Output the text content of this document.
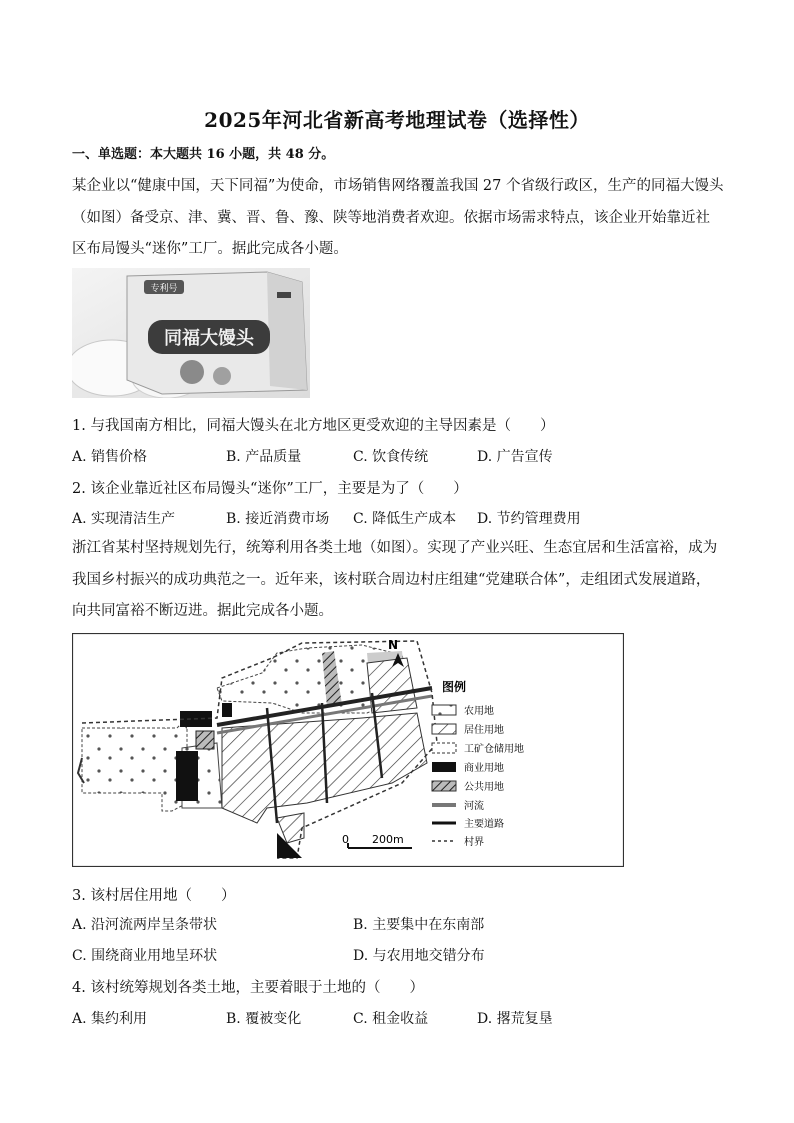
2025年河北省新高考地理试卷（选择性）
一、单选题：本大题共 16 小题，共 48 分。
某企业以“健康中国，天下同福”为使命，市场销售网络覆盖我国 27 个省级行政区，生产的同福大馒头（如图）备受京、津、冀、晋、鲁、豫、陕等地消费者欢迎。依据市场需求特点，该企业开始靠近社区布局馒头“迷你”工厂。据此完成各小题。
专利号
同福大馒头
1. 与我国南方相比，同福大馒头在北方地区更受欢迎的主导因素是（　　）
A. 销售价格	B. 产品质量	C. 饮食传统	D. 广告宣传
2. 该企业靠近社区布局馒头“迷你”工厂，主要是为了（　　）
A. 实现清洁生产	B. 接近消费市场 C. 降低生产成本 D. 节约管理费用
浙江省某村坚持规划先行，统筹利用各类土地（如图）。实现了产业兴旺、生态宜居和生活富裕，成为我国乡村振兴的成功典范之一。近年来，该村联合周边村庄组建“党建联合体”，走组团式发展道路，向共同富裕不断迈进。据此完成各小题。
N
0 200m
图例
农用地
居住用地
工矿仓储用地
商业用地
公共用地
河流
主要道路
村界
3. 该村居住用地（　　）
A. 沿河流两岸呈条带状	B. 主要集中在东南部
C. 围绕商业用地呈环状	D. 与农用地交错分布
4. 该村统筹规划各类土地，主要着眼于土地的（　　）
A. 集约利用	B. 覆被变化	C. 租金收益	D. 撂荒复垦
